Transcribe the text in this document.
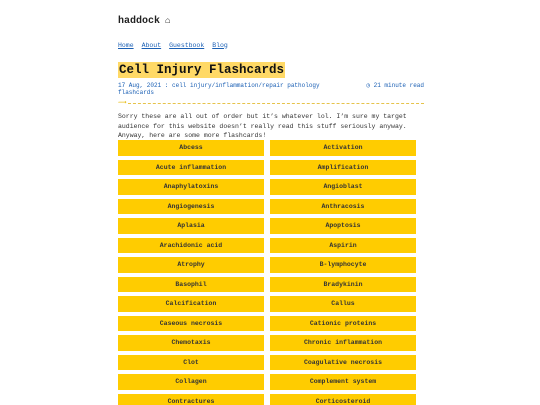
haddock ⌂
Home About Guestbook Blog
Cell Injury Flashcards
17 Aug, 2021 : cell injury/inflammation/repair pathology flashcards
◷ 21 minute read
⟿

Sorry these are all out of order but it’s whatever lol. I’m sure my target audience for this website doesn’t really read this stuff seriously anyway. Anyway, here are some more flashcards!

Abcess	Activation
Acute inflammation	Amplification
Anaphylatoxins	Angioblast
Angiogenesis	Anthracosis
Aplasia	Apoptosis
Arachidonic acid	Aspirin
Atrophy	B-lymphocyte
Basophil	Bradykinin
Calcification	Callus
Caseous necrosis	Cationic proteins
Chemotaxis	Chronic inflammation
Clot	Coagulative necrosis
Collagen	Complement system
Contractures	Corticosteroid
